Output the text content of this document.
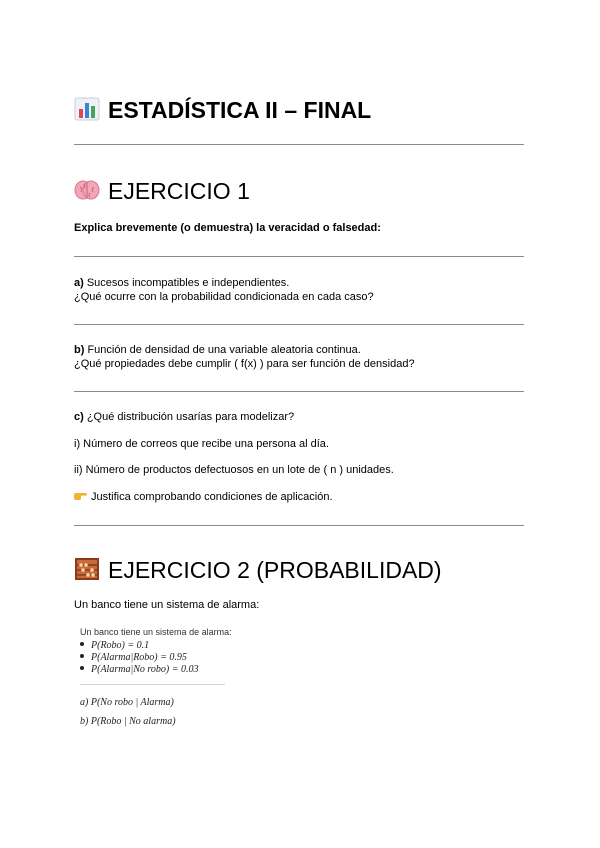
ESTADÍSTICA II – FINAL
EJERCICIO 1
Explica brevemente (o demuestra) la veracidad o falsedad:
a) Sucesos incompatibles e independientes.
¿Qué ocurre con la probabilidad condicionada en cada caso?
b) Función de densidad de una variable aleatoria continua.
¿Qué propiedades debe cumplir ( f(x) ) para ser función de densidad?
c) ¿Qué distribución usarías para modelizar?
i) Número de correos que recibe una persona al día.
ii) Número de productos defectuosos en un lote de ( n ) unidades.
Justifica comprobando condiciones de aplicación.
EJERCICIO 2 (PROBABILIDAD)
Un banco tiene un sistema de alarma:
Un banco tiene un sistema de alarma:
P(Robo) = 0.1
P(Alarma|Robo) = 0.95
P(Alarma|No robo) = 0.03
a) P(No robo | Alarma)
b) P(Robo | No alarma)
